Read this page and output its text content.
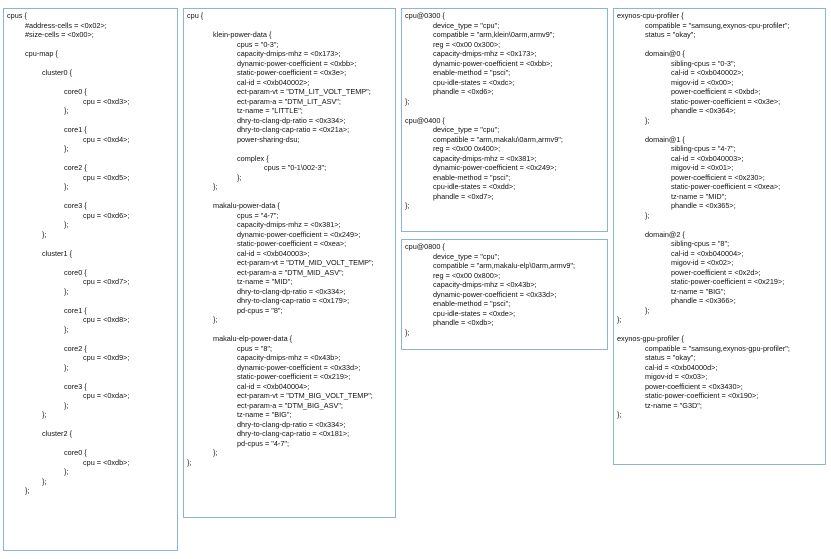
cpus {
#address-cells = <0x02>;
#size-cells = <0x00>;
cpu-map {
cluster0 {
core0 {
cpu = <0xd3>;
};
core1 {
cpu = <0xd4>;
};
core2 {
cpu = <0xd5>;
};
core3 {
cpu = <0xd6>;
};
};
cluster1 {
core0 {
cpu = <0xd7>;
};
core1 {
cpu = <0xd8>;
};
core2 {
cpu = <0xd9>;
};
core3 {
cpu = <0xda>;
};
};
cluster2 {
core0 {
cpu = <0xdb>;
};
};
};
cpu {
klein-power-data {
cpus = "0-3";
capacity-dmips-mhz = <0x173>;
dynamic-power-coefficient = <0xbb>;
static-power-coefficient = <0x3e>;
cal-id = <0xb040002>;
ect-param-vt = "DTM_LIT_VOLT_TEMP";
ect-param-a = "DTM_LIT_ASV";
tz-name = "LITTLE";
dhry-to-clang-dp-ratio = <0x334>;
dhry-to-clang-cap-ratio = <0x21a>;
power-sharing-dsu;
complex {
cpus = "0-1\002-3";
};
};
makalu-power-data {
cpus = "4-7";
capacity-dmips-mhz = <0x381>;
dynamic-power-coefficient = <0x249>;
static-power-coefficient = <0xea>;
cal-id = <0xb040003>;
ect-param-vt = "DTM_MID_VOLT_TEMP";
ect-param-a = "DTM_MID_ASV";
tz-name = "MID";
dhry-to-clang-dp-ratio = <0x334>;
dhry-to-clang-cap-ratio = <0x179>;
pd-cpus = "8";
};
makalu-elp-power-data {
cpus = "8";
capacity-dmips-mhz = <0x43b>;
dynamic-power-coefficient = <0x33d>;
static-power-coefficient = <0x219>;
cal-id = <0xb040004>;
ect-param-vt = "DTM_BIG_VOLT_TEMP";
ect-param-a = "DTM_BIG_ASV";
tz-name = "BIG";
dhry-to-clang-dp-ratio = <0x334>;
dhry-to-clang-cap-ratio = <0x181>;
pd-cpus = "4-7";
};
};
cpu@0300 {
device_type = "cpu";
compatible = "arm,klein\0arm,armv9";
reg = <0x00 0x300>;
capacity-dmips-mhz = <0x173>;
dynamic-power-coefficient = <0xbb>;
enable-method = "psci";
cpu-idle-states = <0xdc>;
phandle = <0xd6>;
};
cpu@0400 {
device_type = "cpu";
compatible = "arm,makalu\0arm,armv9";
reg = <0x00 0x400>;
capacity-dmips-mhz = <0x381>;
dynamic-power-coefficient = <0x249>;
enable-method = "psci";
cpu-idle-states = <0xdd>;
phandle = <0xd7>;
};
cpu@0800 {
device_type = "cpu";
compatible = "arm,makalu-elp\0arm,armv9";
reg = <0x00 0x800>;
capacity-dmips-mhz = <0x43b>;
dynamic-power-coefficient = <0x33d>;
enable-method = "psci";
cpu-idle-states = <0xde>;
phandle = <0xdb>;
};
exynos-cpu-profiler {
compatible = "samsung,exynos-cpu-profiler";
status = "okay";
domain@0 {
sibling-cpus = "0-3";
cal-id = <0xb040002>;
migov-id = <0x00>;
power-coefficient = <0xbd>;
static-power-coefficient = <0x3e>;
phandle = <0x364>;
};
domain@1 {
sibling-cpus = "4-7";
cal-id = <0xb040003>;
migov-id = <0x01>;
power-coefficient = <0x230>;
static-power-coefficient = <0xea>;
tz-name = "MID";
phandle = <0x365>;
};
domain@2 {
sibling-cpus = "8";
cal-id = <0xb040004>;
migov-id = <0x02>;
power-coefficient = <0x2d>;
static-power-coefficient = <0x219>;
tz-name = "BIG";
phandle = <0x366>;
};
};
exynos-gpu-profiler {
compatible = "samsung,exynos-gpu-profiler";
status = "okay";
cal-id = <0xb04000d>;
migov-id = <0x03>;
power-coefficient = <0x3430>;
static-power-coefficient = <0x190>;
tz-name = "G3D";
};
